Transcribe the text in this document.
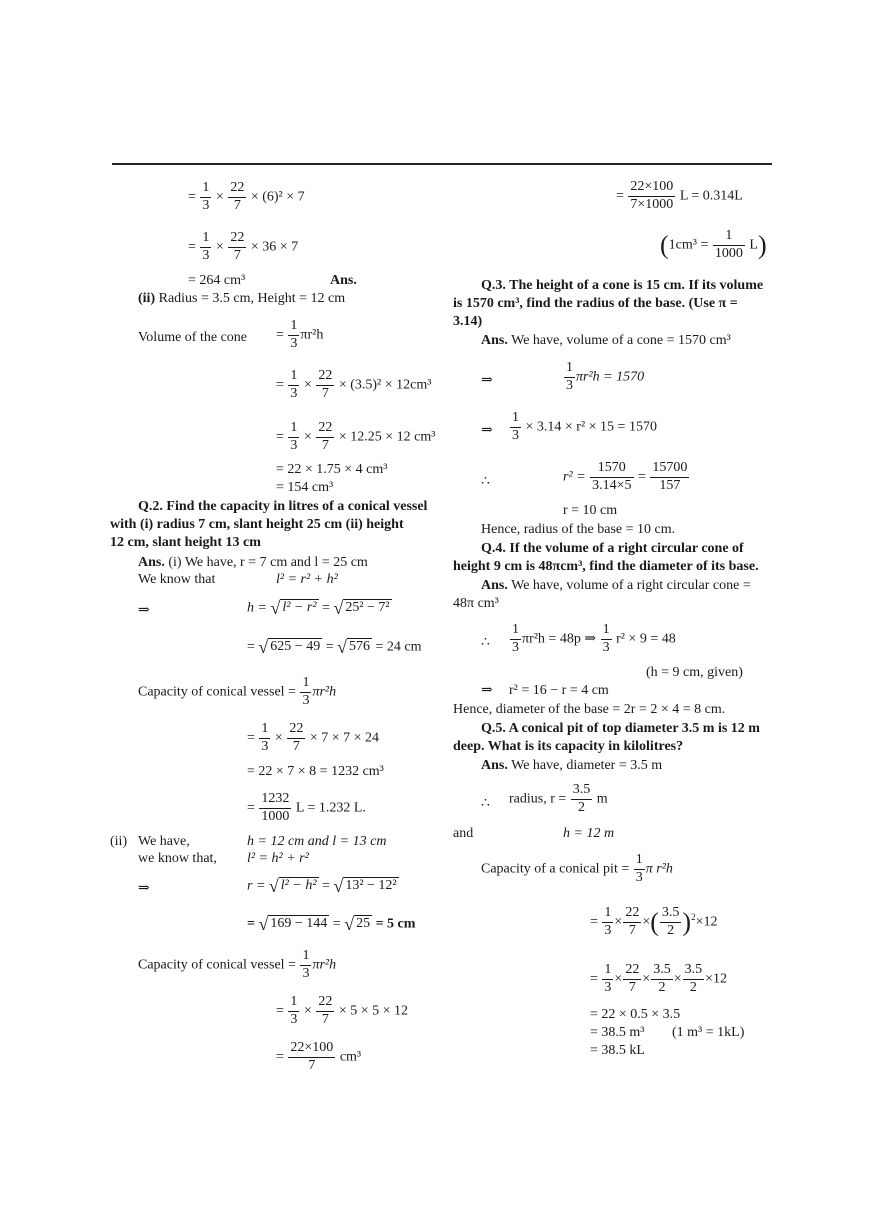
= $\frac{1}{3} \times \frac{22}{7} \times (6)^2 \times 7$
= $\frac{1}{3} \times \frac{22}{7} \times 36 \times 7$
= 264 cm³	Ans.
(ii) Radius = 3.5 cm, Height = 12 cm
Volume of the cone = $\frac{1}{3} \pi r^2h$
= $\frac{1}{3} \times \frac{22}{7} \times (3.5)^2 \times 12cm^3$
= $\frac{1}{3} \times \frac{22}{7} \times 12.25 \times 12$ cm³
= 22 × 1.75 × 4 cm³
= 154 cm³
Q.2. Find the capacity in litres of a conical vessel
with (i) radius 7 cm, slant height 25 cm (ii) height
12 cm, slant height 13 cm
Ans. (i) We have, r = 7 cm and l = 25 cm
We know that	l² = r² + h²
⇒	h = √ l² − r² = √ 25² − 7²
= √ 625 − 49 = √ 576 = 24 cm
Capacity of conical vessel = $\frac{1}{3} \pi r^2h$
= $\frac{1}{3} \times \frac{22}{7} \times 7 \times 7 \times 24$
= 22 × 7 × 8 = 1232 cm³
= $\frac{1232}{1000}$ L = 1.232 L.
(ii) We have,	h = 12 cm and l = 13 cm
we know that, l² = h² + r²
⇒	r = √ l² − h² = √ 13² − 12²
= √ 169 − 144 = √ 25 = 5 cm
Capacity of conical vessel = $\frac{1}{3} \pi r^2h$
= $\frac{1}{3} \times \frac{22}{7} \times 5 \times 5 \times 12$
= $\frac{22\times 100}{7} cm^3$
= $\frac{22\times 100}{7\times 1000}$ L = 0.314L
$(1cm^3 = \frac{1}{1000} L)$
Q.3. The height of a cone is 15 cm. If its volume
is 1570 cm³, find the radius of the base. (Use π =
3.14)
Ans. We have, volume of a cone = 1570 cm³
⇒	$\frac{1}{3} \pi r^2h = 1570$
⇒ $\frac{1}{3} \times 3.14 \times r^2 \times 15 = 1570$
∴	$r^2 = \frac{1570}{3.14\times 5} = \frac{15700}{157}$
r = 10 cm
Hence, radius of the base = 10 cm.
Q.4. If the volume of a right circular cone of
height 9 cm is 48πcm³, find the diameter of its base.
Ans. We have, volume of a right circular cone =
48π cm³
∴ $\frac{1}{3} \pi r^2h = 48p$ ⇒ $\frac{1}{3} r^2 \times 9 = 48$
(h = 9 cm, given)
⇒ r² = 16 − r = 4 cm
Hence, diameter of the base = 2r = 2 × 4 = 8 cm.
Q.5. A conical pit of top diameter 3.5 m is 12 m
deep. What is its capacity in kilolitres?
Ans. We have, diameter = 3.5 m
∴ radius, $r = \frac{3.5}{2}$ m
and	h = 12 m
Capacity of a conical pit = $\frac{1}{3}$ π r²h
= $\frac{1}{3} \times \frac{22}{7}$ ×( $\frac{3.5}{2} )^2\times 12$
= $\frac{1}{3} \times \frac{22}{7} \times \frac{3.5}{2} \times \frac{3.5}{2} \times 12$
= 22 × 0.5 × 3.5
= 38.5 m³ (1 m³ = 1kL)
= 38.5 kL
